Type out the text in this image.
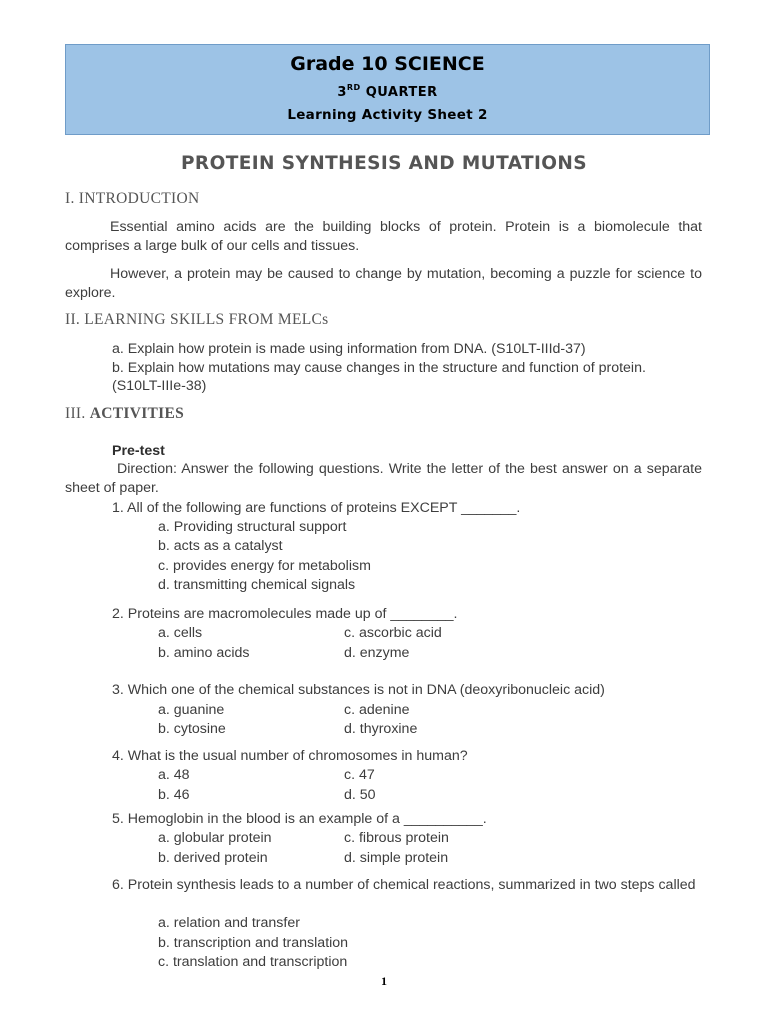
Grade 10 SCIENCE
3RD QUARTER
Learning Activity Sheet 2
PROTEIN SYNTHESIS AND MUTATIONS
I. INTRODUCTION
Essential amino acids are the building blocks of protein. Protein is a biomolecule that comprises a large bulk of our cells and tissues.
However, a protein may be caused to change by mutation, becoming a puzzle for science to explore.
II. LEARNING SKILLS FROM MELCs
a. Explain how protein is made using information from DNA. (S10LT-IIId-37)
b. Explain how mutations may cause changes in the structure and function of protein.
(S10LT-IIIe-38)
III. ACTIVITIES
Pre-test
Direction: Answer the following questions. Write the letter of the best answer on a separate sheet of paper.
1. All of the following are functions of proteins EXCEPT _______.
a. Providing structural support
b. acts as a catalyst
c. provides energy for metabolism
d. transmitting chemical signals
2. Proteins are macromolecules made up of ________.
a. cells	c. ascorbic acid
b. amino acids	d. enzyme
3. Which one of the chemical substances is not in DNA (deoxyribonucleic acid)
a. guanine	c. adenine
b. cytosine	d. thyroxine
4. What is the usual number of chromosomes in human?
a. 48	c. 47
b. 46	d. 50
5. Hemoglobin in the blood is an example of a __________.
a. globular protein	c. fibrous protein
b. derived protein	d. simple protein
6. Protein synthesis leads to a number of chemical reactions, summarized in two steps called
a. relation and transfer
b. transcription and translation
c. translation and transcription
1
